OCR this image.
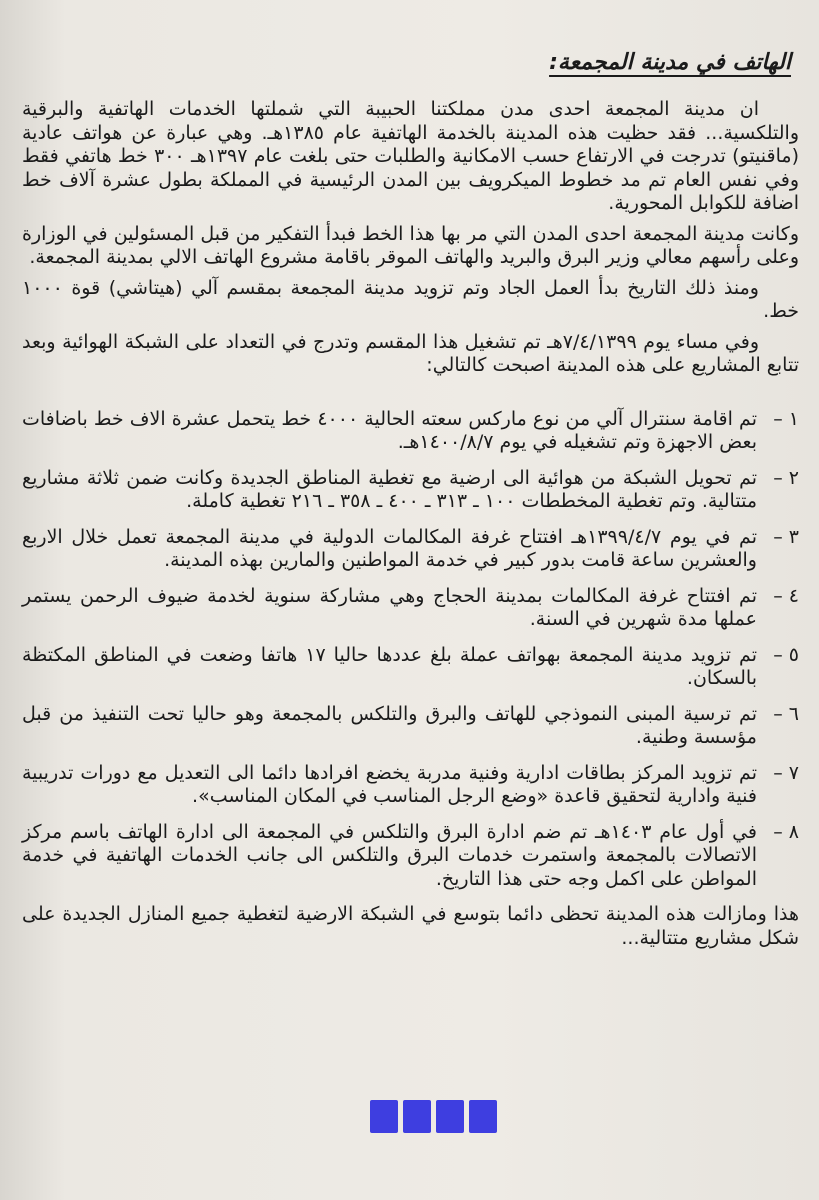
الهاتف في مدينة المجمعة:

ان مدينة المجمعة احدى مدن مملكتنا الحبيبة التي شملتها الخدمات الهاتفية والبرقية والتلكسية... فقد حظيت هذه المدينة بالخدمة الهاتفية عام ١٣٨٥هـ. وهي عبارة عن هواتف عادية (ماقنيتو) تدرجت في الارتفاع حسب الامكانية والطلبات حتى بلغت عام ١٣٩٧هـ ٣٠٠ خط هاتفي فقط وفي نفس العام تم مد خطوط الميكرويف بين المدن الرئيسية في المملكة بطول عشرة آلاف خط اضافة للكوابل المحورية.

وكانت مدينة المجمعة احدى المدن التي مر بها هذا الخط فبدأ التفكير من قبل المسئولين في الوزارة وعلى رأسهم معالي وزير البرق والبريد والهاتف الموقر باقامة مشروع الهاتف الالي بمدينة المجمعة.

ومنذ ذلك التاريخ بدأ العمل الجاد وتم تزويد مدينة المجمعة بمقسم آلي (هيتاشي) قوة ١٠٠٠ خط.

وفي مساء يوم ٧/٤/١٣٩٩هـ تم تشغيل هذا المقسم وتدرج في التعداد على الشبكة الهوائية وبعد تتابع المشاريع على هذه المدينة اصبحت كالتالي:

١ –
تم اقامة سنترال آلي من نوع ماركس سعته الحالية ٤٠٠٠ خط يتحمل عشرة الاف خط باضافات بعض الاجهزة وتم تشغيله في يوم ١٤٠٠/٨/٧هـ.
٢ –
تم تحويل الشبكة من هوائية الى ارضية مع تغطية المناطق الجديدة وكانت ضمن ثلاثة مشاريع متتالية. وتم تغطية المخططات ١٠٠ ـ ٣١٣ ـ ٤٠٠ ـ ٣٥٨ ـ ٢١٦ تغطية كاملة.
٣ –
تم في يوم ١٣٩٩/٤/٧هـ افتتاح غرفة المكالمات الدولية في مدينة المجمعة تعمل خلال الاربع والعشرين ساعة قامت بدور كبير في خدمة المواطنين والمارين بهذه المدينة.
٤ –
تم افتتاح غرفة المكالمات بمدينة الحجاج وهي مشاركة سنوية لخدمة ضيوف الرحمن يستمر عملها مدة شهرين في السنة.
٥ –
تم تزويد مدينة المجمعة بهواتف عملة بلغ عددها حاليا ١٧ هاتفا وضعت في المناطق المكتظة بالسكان.
٦ –
تم ترسية المبنى النموذجي للهاتف والبرق والتلكس بالمجمعة وهو حاليا تحت التنفيذ من قبل مؤسسة وطنية.
٧ –
تم تزويد المركز بطاقات ادارية وفنية مدربة يخضع افرادها دائما الى التعديل مع دورات تدريبية فنية وادارية لتحقيق قاعدة «وضع الرجل المناسب في المكان المناسب».
٨ –
في أول عام ١٤٠٣هـ تم ضم ادارة البرق والتلكس في المجمعة الى ادارة الهاتف باسم مركز الاتصالات بالمجمعة واستمرت خدمات البرق والتلكس الى جانب الخدمات الهاتفية في خدمة المواطن على اكمل وجه حتى هذا التاريخ.

هذا ومازالت هذه المدينة تحظى دائما بتوسع في الشبكة الارضية لتغطية جميع المنازل الجديدة على شكل مشاريع متتالية...
